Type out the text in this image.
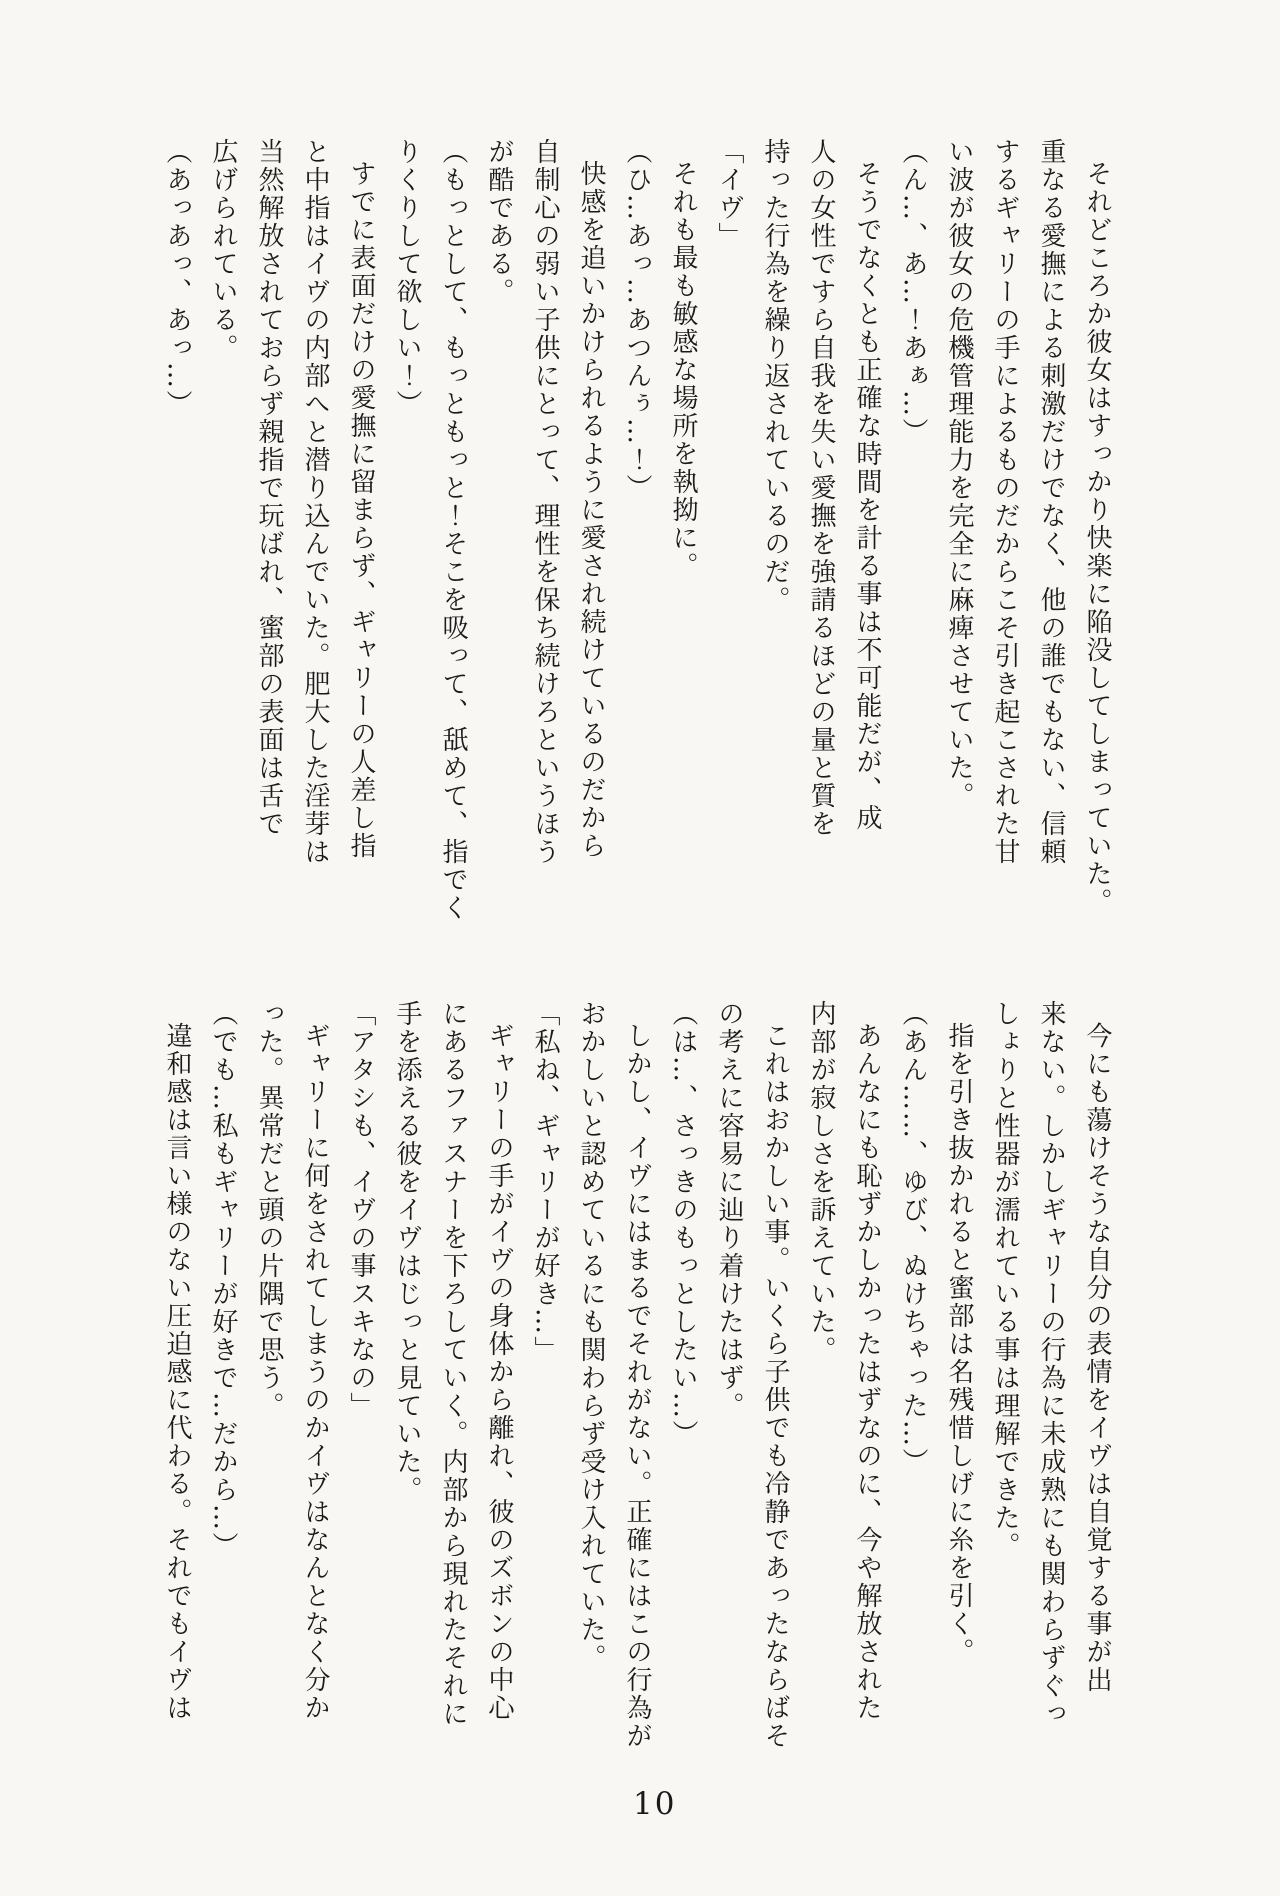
それどころか彼女はすっかり快楽に陥没してしまっていた。

重なる愛撫による刺激だけでなく、他の誰でもない、信頼

するギャリーの手によるものだからこそ引き起こされた甘

い波が彼女の危機管理能力を完全に麻痺させていた。

（ん…、あ…！あぁ…）

そうでなくとも正確な時間を計る事は不可能だが、成

人の女性ですら自我を失い愛撫を強請るほどの量と質を

持った行為を繰り返されているのだ。

「イヴ」

それも最も敏感な場所を執拗に。

（ひ…あっ…あつんぅ…！）

快感を追いかけられるように愛され続けているのだから

自制心の弱い子供にとって、理性を保ち続けろというほう

が酷である。

（もっとして、もっともっと！そこを吸って、舐めて、指でく

りくりして欲しい！）

すでに表面だけの愛撫に留まらず、ギャリーの人差し指

と中指はイヴの内部へと潜り込んでいた。肥大した淫芽は

当然解放されておらず親指で玩ばれ、蜜部の表面は舌で

広げられている。

（あっあっ、あっ…）

今にも蕩けそうな自分の表情をイヴは自覚する事が出

来ない。しかしギャリーの行為に未成熟にも関わらずぐっ

しょりと性器が濡れている事は理解できた。

指を引き抜かれると蜜部は名残惜しげに糸を引く。

（あん……、ゆび、ぬけちゃった…）

あんなにも恥ずかしかったはずなのに、今や解放された

内部が寂しさを訴えていた。

これはおかしい事。いくら子供でも冷静であったならばそ

の考えに容易に辿り着けたはず。

（は…、さっきのもっとしたい…）

しかし、イヴにはまるでそれがない。正確にはこの行為が

おかしいと認めているにも関わらず受け入れていた。

「私ね、ギャリーが好き…」

ギャリーの手がイヴの身体から離れ、彼のズボンの中心

にあるファスナーを下ろしていく。内部から現れたそれに

手を添える彼をイヴはじっと見ていた。

「アタシも、イヴの事スキなの」

ギャリーに何をされてしまうのかイヴはなんとなく分か

った。異常だと頭の片隅で思う。

（でも…私もギャリーが好きで…だから…）

違和感は言い様のない圧迫感に代わる。それでもイヴは

10
